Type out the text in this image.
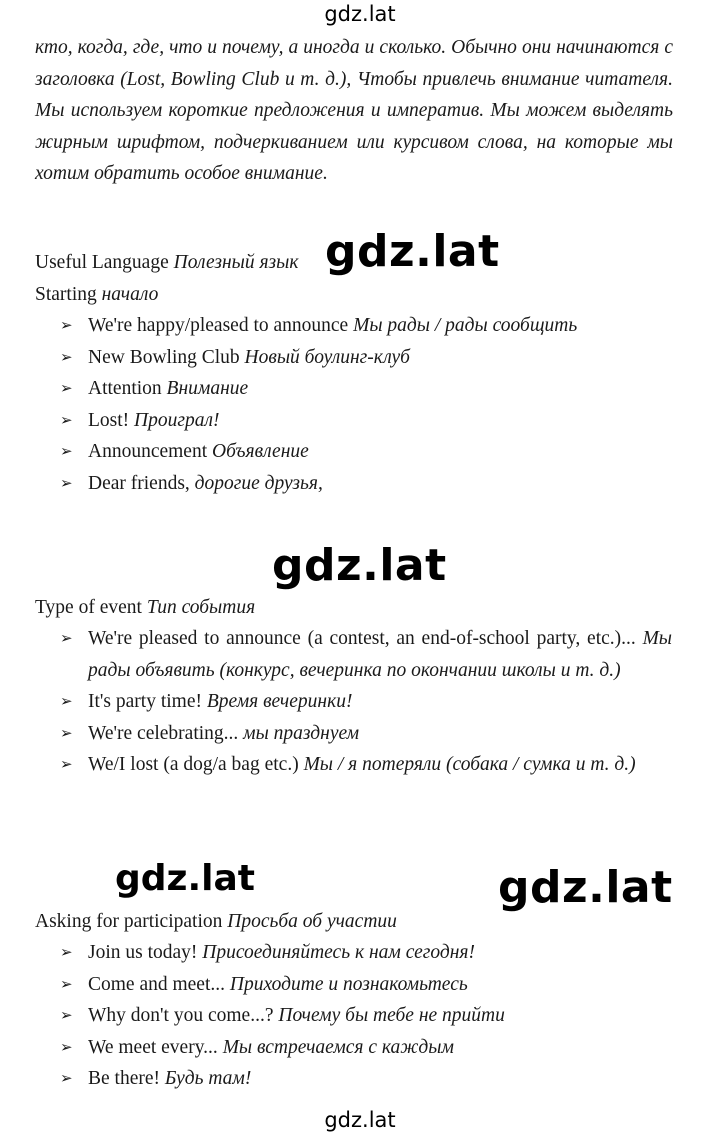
gdz.lat
gdz.lat
gdz.lat
gdz.lat	gdz.lat
gdz.lat
кто, когда, где, что и почему, а иногда и сколько. Обычно они начинаются с заголовка (Lost, Bowling Club и т. д.), Чтобы привлечь внимание читателя. Мы используем короткие предложения и императив. Мы можем выделять жирным шрифтом, подчеркиванием или курсивом слова, на которые мы хотим обратить особое внимание.
Useful Language Полезный язык
Starting начало
➢ We're happy/pleased to announce Мы рады / рады сообщить
➢ New Bowling Club Новый боулинг-клуб
➢ Attention Внимание
➢ Lost! Проиграл!
➢ Announcement Объявление
➢ Dear friends, дорогие друзья,
Type of event Тип события
➢ We're pleased to announce (a contest, an end-of-school party, etc.)... Мы рады объявить (конкурс, вечеринка по окончании школы и т. д.)
➢ It's party time! Время вечеринки!
➢ We're celebrating... мы празднуем
➢ We/I lost (a dog/a bag etc.) Мы / я потеряли (собака / сумка и т. д.)
Asking for participation Просьба об участии
➢ Join us today! Присоединяйтесь к нам сегодня!
➢ Come and meet... Приходите и познакомьтесь
➢ Why don't you come...? Почему бы тебе не прийти
➢ We meet every... Мы встречаемся с каждым
➢ Be there! Будь там!
